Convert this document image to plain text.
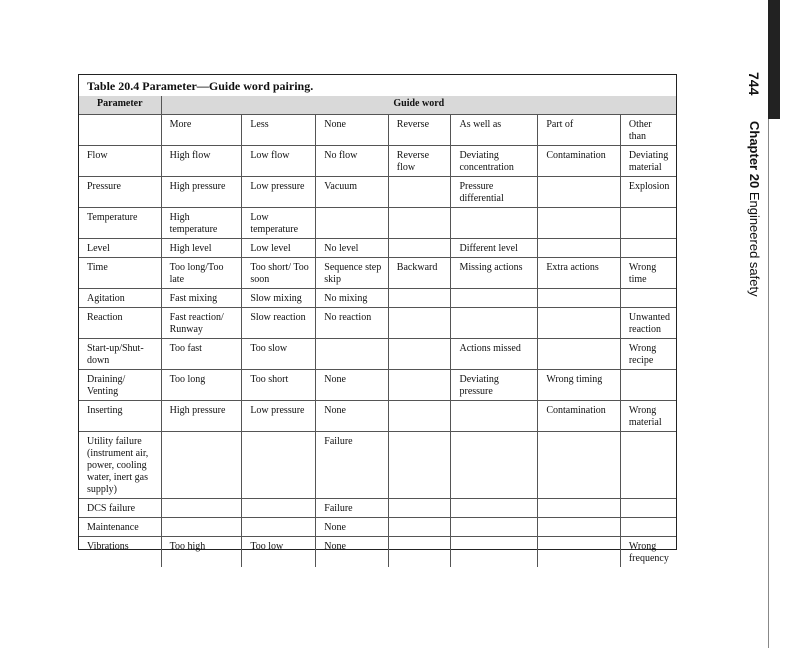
744 Chapter 20 Engineered safety
Table 20.4 Parameter—Guide word pairing.
Parameter	Guide word						
	More	Less	None	Reverse	As well as	Part of	Other than
Flow	High flow	Low flow	No flow	Reverse flow	Deviating concentration	Contamination	Deviating material
Pressure	High pressure	Low pressure	Vacuum		Pressure differential		Explosion
Temperature	High temperature	Low temperature					
Level	High level	Low level	No level		Different level		
Time	Too long/Too late	Too short/ Too soon	Sequence step skip	Backward	Missing actions	Extra actions	Wrong time
Agitation	Fast mixing	Slow mixing	No mixing				
Reaction	Fast reaction/ Runway	Slow reaction	No reaction				Unwanted reaction
Start-up/Shut-down	Too fast	Too slow			Actions missed		Wrong recipe
Draining/ Venting	Too long	Too short	None		Deviating pressure	Wrong timing	
Inserting	High pressure	Low pressure	None			Contamination	Wrong material
Utility failure (instrument air, power, cooling water, inert gas supply)			Failure				
DCS failure			Failure				
Maintenance			None				
Vibrations	Too high	Too low	None				Wrong frequency
